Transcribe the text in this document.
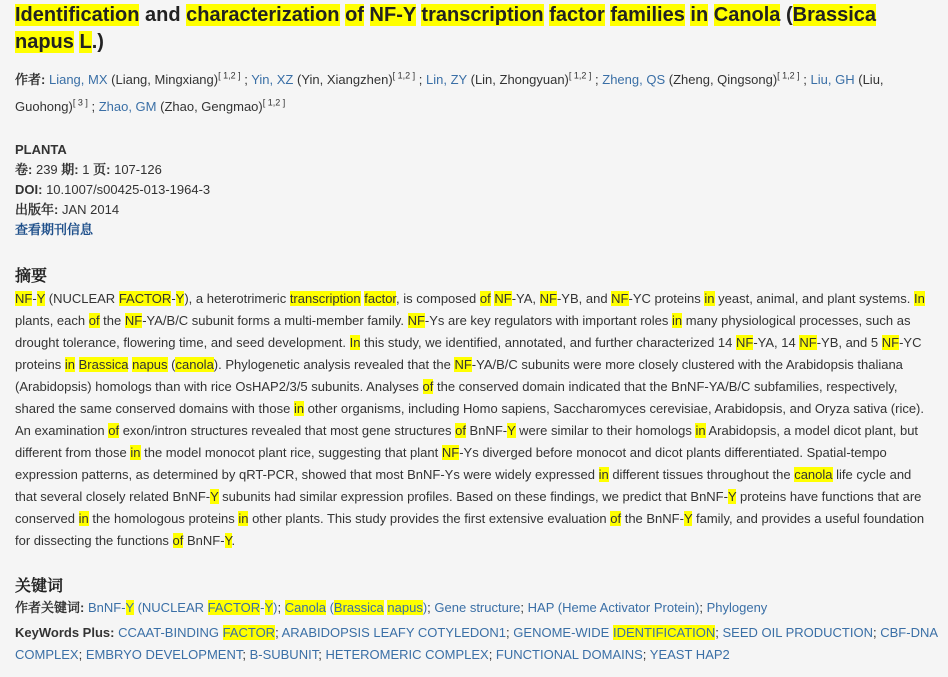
Identification and characterization of NF-Y transcription factor families in Canola (Brassica napus L.)
作者: Liang, MX (Liang, Mingxiang)[ 1,2 ] ; Yin, XZ (Yin, Xiangzhen)[ 1,2 ] ; Lin, ZY (Lin, Zhongyuan)[ 1,2 ] ; Zheng, QS (Zheng, Qingsong)[ 1,2 ] ; Liu, GH (Liu, Guohong)[ 3 ] ; Zhao, GM (Zhao, Gengmao)[ 1,2 ]
PLANTA
卷: 239 期: 1 页: 107-126
DOI: 10.1007/s00425-013-1964-3
出版年: JAN 2014
查看期刊信息
摘要
NF-Y (NUCLEAR FACTOR-Y), a heterotrimeric transcription factor, is composed of NF-YA, NF-YB, and NF-YC proteins in yeast, animal, and plant systems. In plants, each of the NF-YA/B/C subunit forms a multi-member family. NF-Ys are key regulators with important roles in many physiological processes, such as drought tolerance, flowering time, and seed development. In this study, we identified, annotated, and further characterized 14 NF-YA, 14 NF-YB, and 5 NF-YC proteins in Brassica napus (canola). Phylogenetic analysis revealed that the NF-YA/B/C subunits were more closely clustered with the Arabidopsis thaliana (Arabidopsis) homologs than with rice OsHAP2/3/5 subunits. Analyses of the conserved domain indicated that the BnNF-YA/B/C subfamilies, respectively, shared the same conserved domains with those in other organisms, including Homo sapiens, Saccharomyces cerevisiae, Arabidopsis, and Oryza sativa (rice). An examination of exon/intron structures revealed that most gene structures of BnNF-Y were similar to their homologs in Arabidopsis, a model dicot plant, but different from those in the model monocot plant rice, suggesting that plant NF-Ys diverged before monocot and dicot plants differentiated. Spatial-tempo expression patterns, as determined by qRT-PCR, showed that most BnNF-Ys were widely expressed in different tissues throughout the canola life cycle and that several closely related BnNF-Y subunits had similar expression profiles. Based on these findings, we predict that BnNF-Y proteins have functions that are conserved in the homologous proteins in other plants. This study provides the first extensive evaluation of the BnNF-Y family, and provides a useful foundation for dissecting the functions of BnNF-Y.
关键词
作者关键词: BnNF-Y (NUCLEAR FACTOR-Y); Canola (Brassica napus); Gene structure; HAP (Heme Activator Protein); Phylogeny
KeyWords Plus: CCAAT-BINDING FACTOR; ARABIDOPSIS LEAFY COTYLEDON1; GENOME-WIDE IDENTIFICATION; SEED OIL PRODUCTION; CBF-DNA COMPLEX; EMBRYO DEVELOPMENT; B-SUBUNIT; HETEROMERIC COMPLEX; FUNCTIONAL DOMAINS; YEAST HAP2
